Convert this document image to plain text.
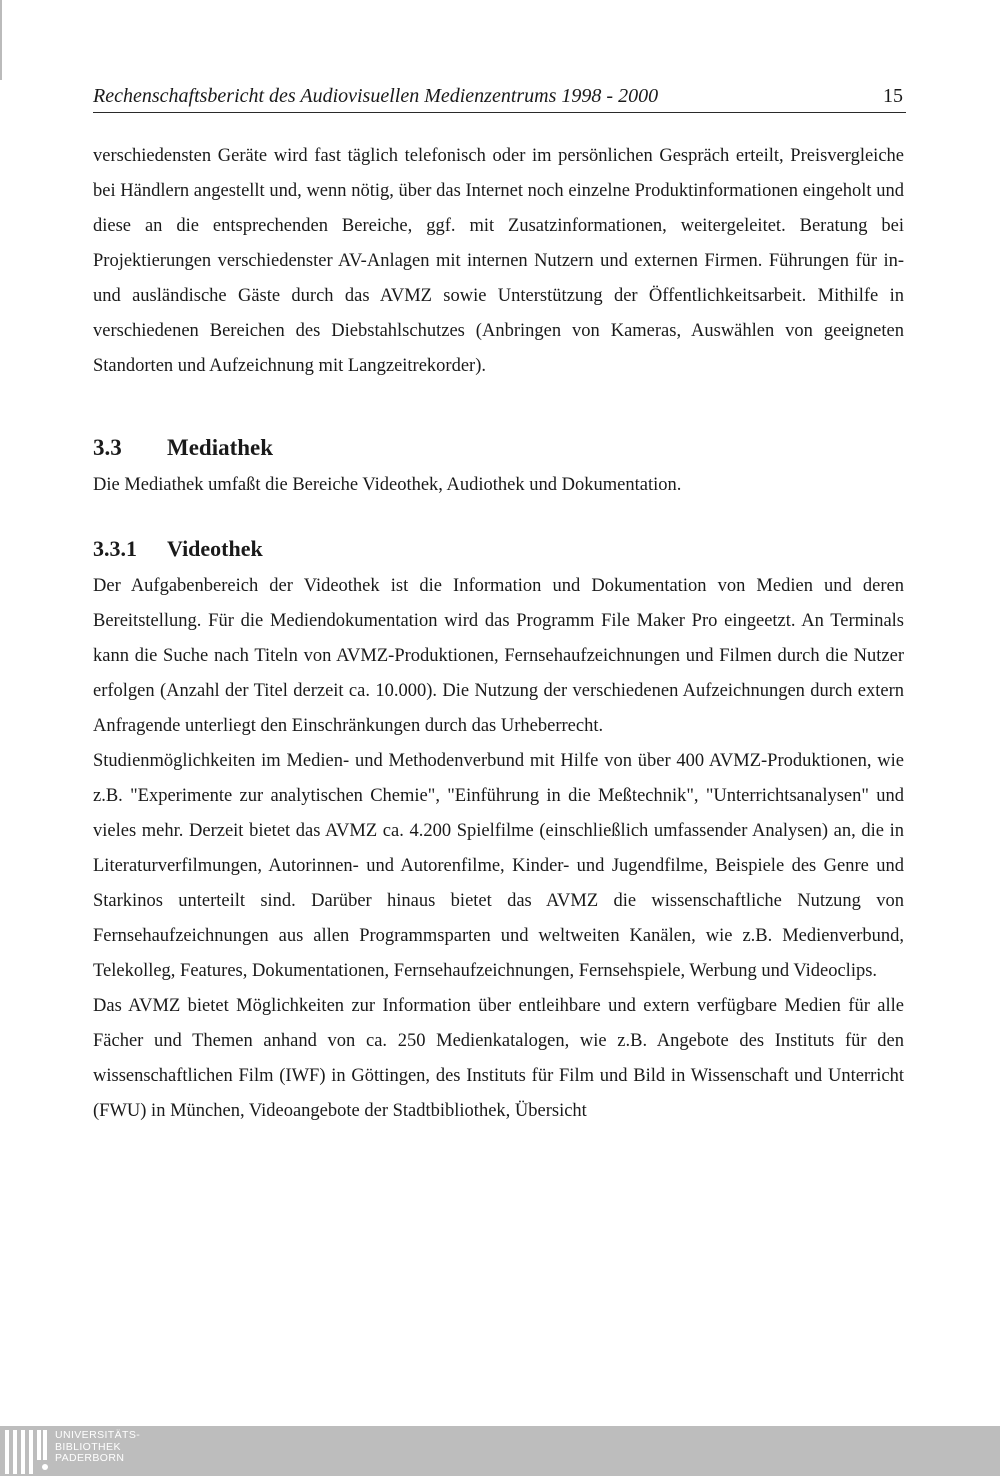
Rechenschaftsbericht des Audiovisuellen Medienzentrums 1998 - 2000	15

verschiedensten Geräte wird fast täglich telefonisch oder im persönlichen Gespräch erteilt, Preisvergleiche bei Händlern angestellt und, wenn nötig, über das Internet noch einzelne Produktinformationen eingeholt und diese an die entsprechenden Bereiche, ggf. mit Zusatzinformationen, weitergeleitet. Beratung bei Projektierungen verschiedenster AV-Anlagen mit internen Nutzern und externen Firmen. Führungen für in- und ausländische Gäste durch das AVMZ sowie Unterstützung der Öffentlichkeitsarbeit. Mithilfe in verschiedenen Bereichen des Diebstahlschutzes (Anbringen von Kameras, Auswählen von geeigneten Standorten und Aufzeichnung mit Langzeitrekorder).

3.3	Mediathek

Die Mediathek umfaßt die Bereiche Videothek, Audiothek und Dokumentation.

3.3.1	Videothek

Der Aufgabenbereich der Videothek ist die Information und Dokumentation von Medien und deren Bereitstellung. Für die Mediendokumentation wird das Programm File Maker Pro eingeetzt. An Terminals kann die Suche nach Titeln von AVMZ-Produktionen, Fernsehaufzeichnungen und Filmen durch die Nutzer erfolgen (Anzahl der Titel derzeit ca. 10.000). Die Nutzung der verschiedenen Aufzeichnungen durch extern Anfragende unterliegt den Einschränkungen durch das Urheberrecht.

Studienmöglichkeiten im Medien- und Methodenverbund mit Hilfe von über 400 AVMZ-Produktionen, wie z.B. "Experimente zur analytischen Chemie", "Einführung in die Meßtechnik", "Unterrichtsanalysen" und vieles mehr. Derzeit bietet das AVMZ ca. 4.200 Spielfilme (einschließlich umfassender Analysen) an, die in Literaturverfilmungen, Autorinnen- und Autorenfilme, Kinder- und Jugendfilme, Beispiele des Genre und Starkinos unterteilt sind. Darüber hinaus bietet das AVMZ die wissenschaftliche Nutzung von Fernsehaufzeichnungen aus allen Programmsparten und weltweiten Kanälen, wie z.B. Medienverbund, Telekolleg, Features, Dokumentationen, Fernsehaufzeichnungen, Fernsehspiele, Werbung und Videoclips.

Das AVMZ bietet Möglichkeiten zur Information über entleihbare und extern verfügbare Medien für alle Fächer und Themen anhand von ca. 250 Medienkatalogen, wie z.B. Angebote des Instituts für den wissenschaftlichen Film (IWF) in Göttingen, des Instituts für Film und Bild in Wissenschaft und Unterricht (FWU) in München, Videoangebote der Stadtbibliothek, Übersicht

UNIVERSITÄTS-
BIBLIOTHEK
PADERBORN
